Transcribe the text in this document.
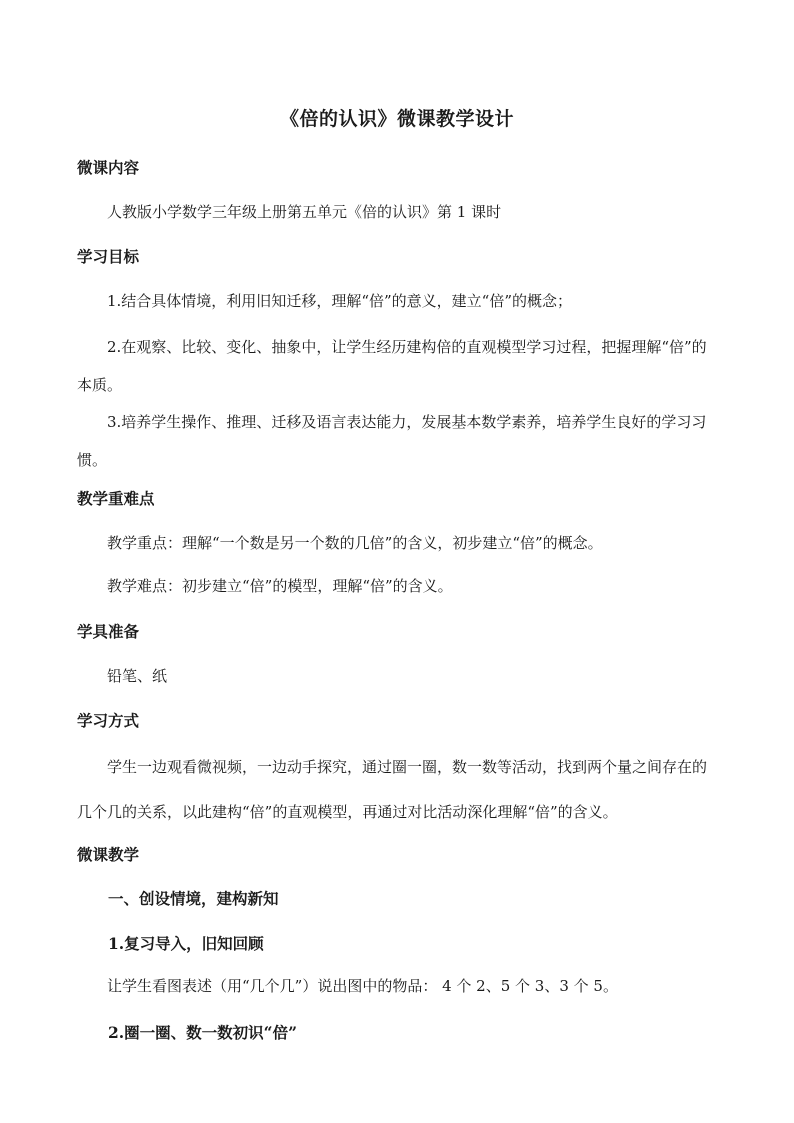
《倍的认识》微课教学设计
微课内容

人教版小学数学三年级上册第五单元《倍的认识》第 1 课时

学习目标

1.结合具体情境，利用旧知迁移，理解“倍”的意义，建立“倍”的概念；

2.在观察、比较、变化、抽象中，让学生经历建构倍的直观模型学习过程，把握理解“倍”的本质。

3.培养学生操作、推理、迁移及语言表达能力，发展基本数学素养，培养学生良好的学习习惯。

教学重难点

教学重点：理解“一个数是另一个数的几倍”的含义，初步建立“倍”的概念。

教学难点：初步建立“倍”的模型，理解“倍”的含义。

学具准备

铅笔、纸

学习方式

学生一边观看微视频，一边动手探究，通过圈一圈，数一数等活动，找到两个量之间存在的几个几的关系，以此建构“倍”的直观模型，再通过对比活动深化理解“倍”的含义。

微课教学
一、创设情境，建构新知
1.复习导入，旧知回顾

让学生看图表述（用“几个几”）说出图中的物品： 4 个 2、5 个 3、3 个 5。

2.圈一圈、数一数初识“倍”
